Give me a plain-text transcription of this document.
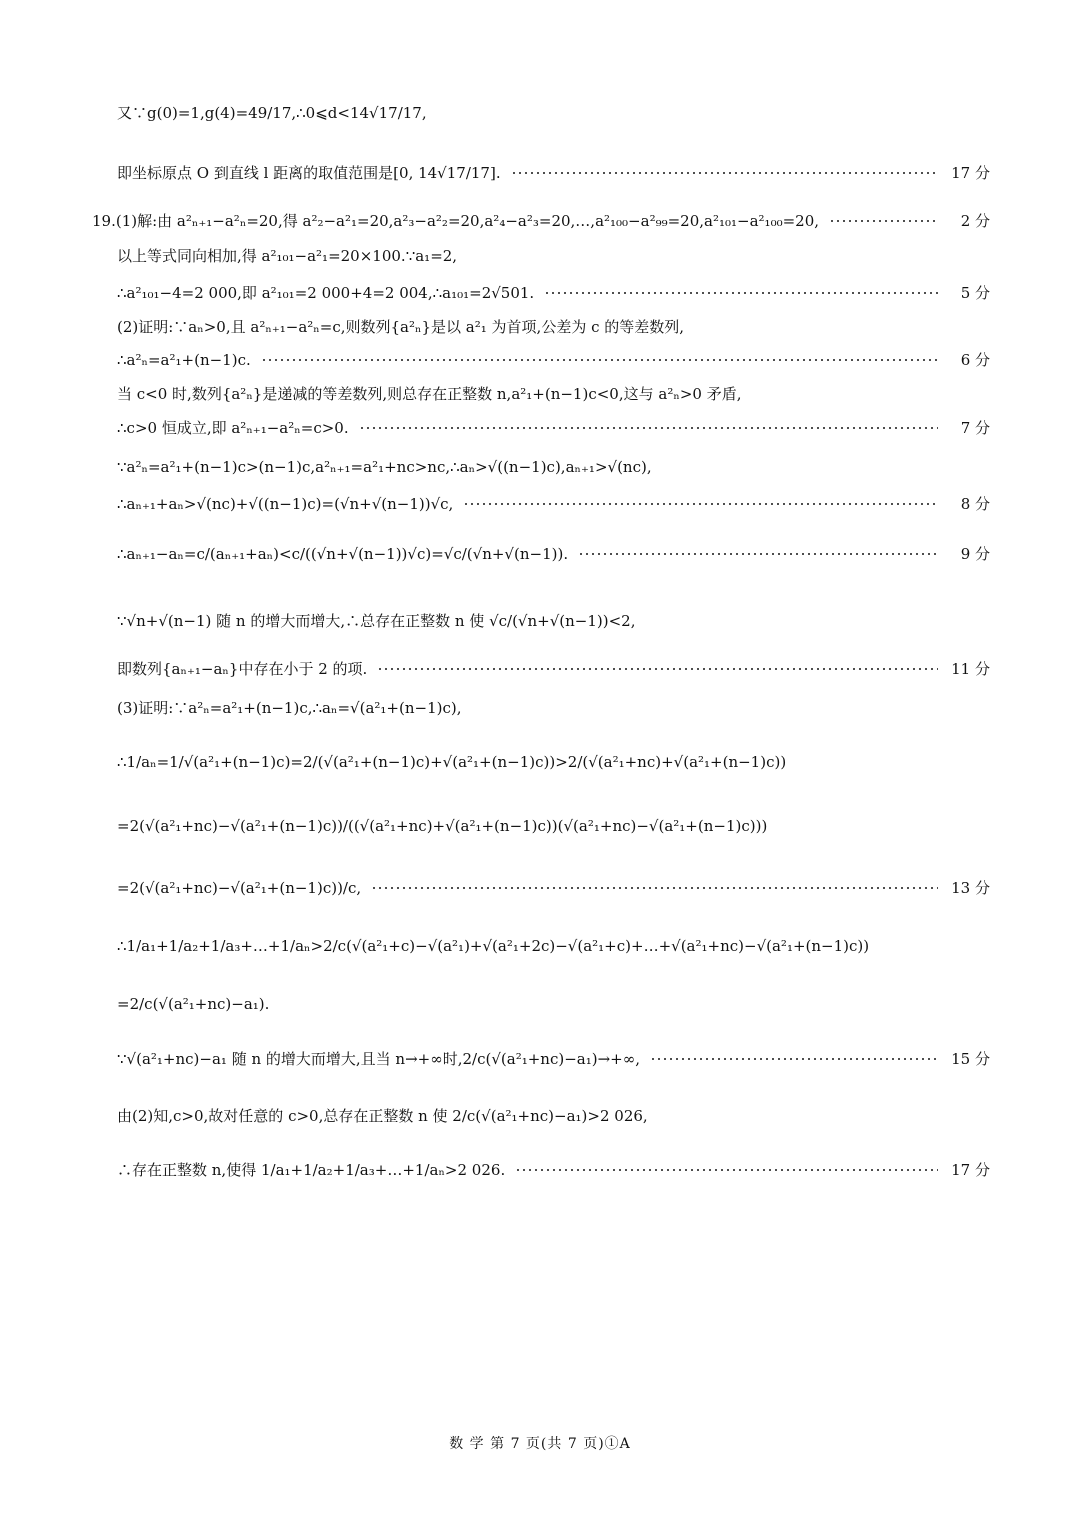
又∵g(0)=1,g(4)=49/17,∴0⩽d<14√17/17,
即坐标原点 O 到直线 l 距离的取值范围是[0, 14√17/17].	17 分
19.(1)解:由 a²ₙ₊₁−a²ₙ=20,得 a²₂−a²₁=20,a²₃−a²₂=20,a²₄−a²₃=20,…,a²₁₀₀−a²₉₉=20,a²₁₀₁−a²₁₀₀=20,	2 分
以上等式同向相加,得 a²₁₀₁−a²₁=20×100.∵a₁=2,
∴a²₁₀₁−4=2 000,即 a²₁₀₁=2 000+4=2 004,∴a₁₀₁=2√501.	5 分
(2)证明:∵aₙ>0,且 a²ₙ₊₁−a²ₙ=c,则数列{a²ₙ}是以 a²₁ 为首项,公差为 c 的等差数列,
∴a²ₙ=a²₁+(n−1)c.	6 分
当 c<0 时,数列{a²ₙ}是递减的等差数列,则总存在正整数 n,a²₁+(n−1)c<0,这与 a²ₙ>0 矛盾,
∴c>0 恒成立,即 a²ₙ₊₁−a²ₙ=c>0.	7 分
∵a²ₙ=a²₁+(n−1)c>(n−1)c,a²ₙ₊₁=a²₁+nc>nc,∴aₙ>√((n−1)c),aₙ₊₁>√(nc),
∴aₙ₊₁+aₙ>√(nc)+√((n−1)c)=(√n+√(n−1))√c,	8 分
∴aₙ₊₁−aₙ=c/(aₙ₊₁+aₙ)<c/((√n+√(n−1))√c)=√c/(√n+√(n−1)).	9 分
∵√n+√(n−1) 随 n 的增大而增大,∴总存在正整数 n 使 √c/(√n+√(n−1))<2,
即数列{aₙ₊₁−aₙ}中存在小于 2 的项.	11 分
(3)证明:∵a²ₙ=a²₁+(n−1)c,∴aₙ=√(a²₁+(n−1)c),
∴1/aₙ=1/√(a²₁+(n−1)c)=2/(√(a²₁+(n−1)c)+√(a²₁+(n−1)c))>2/(√(a²₁+nc)+√(a²₁+(n−1)c))
=2(√(a²₁+nc)−√(a²₁+(n−1)c))/((√(a²₁+nc)+√(a²₁+(n−1)c))(√(a²₁+nc)−√(a²₁+(n−1)c)))
=2(√(a²₁+nc)−√(a²₁+(n−1)c))/c,	13 分
∴1/a₁+1/a₂+1/a₃+…+1/aₙ>2/c(√(a²₁+c)−√(a²₁)+√(a²₁+2c)−√(a²₁+c)+…+√(a²₁+nc)−√(a²₁+(n−1)c))
=2/c(√(a²₁+nc)−a₁).
∵√(a²₁+nc)−a₁ 随 n 的增大而增大,且当 n→+∞时,2/c(√(a²₁+nc)−a₁)→+∞,	15 分
由(2)知,c>0,故对任意的 c>0,总存在正整数 n 使 2/c(√(a²₁+nc)−a₁)>2 026,
∴存在正整数 n,使得 1/a₁+1/a₂+1/a₃+…+1/aₙ>2 026.	17 分
数 学 第 7 页(共 7 页)①A
